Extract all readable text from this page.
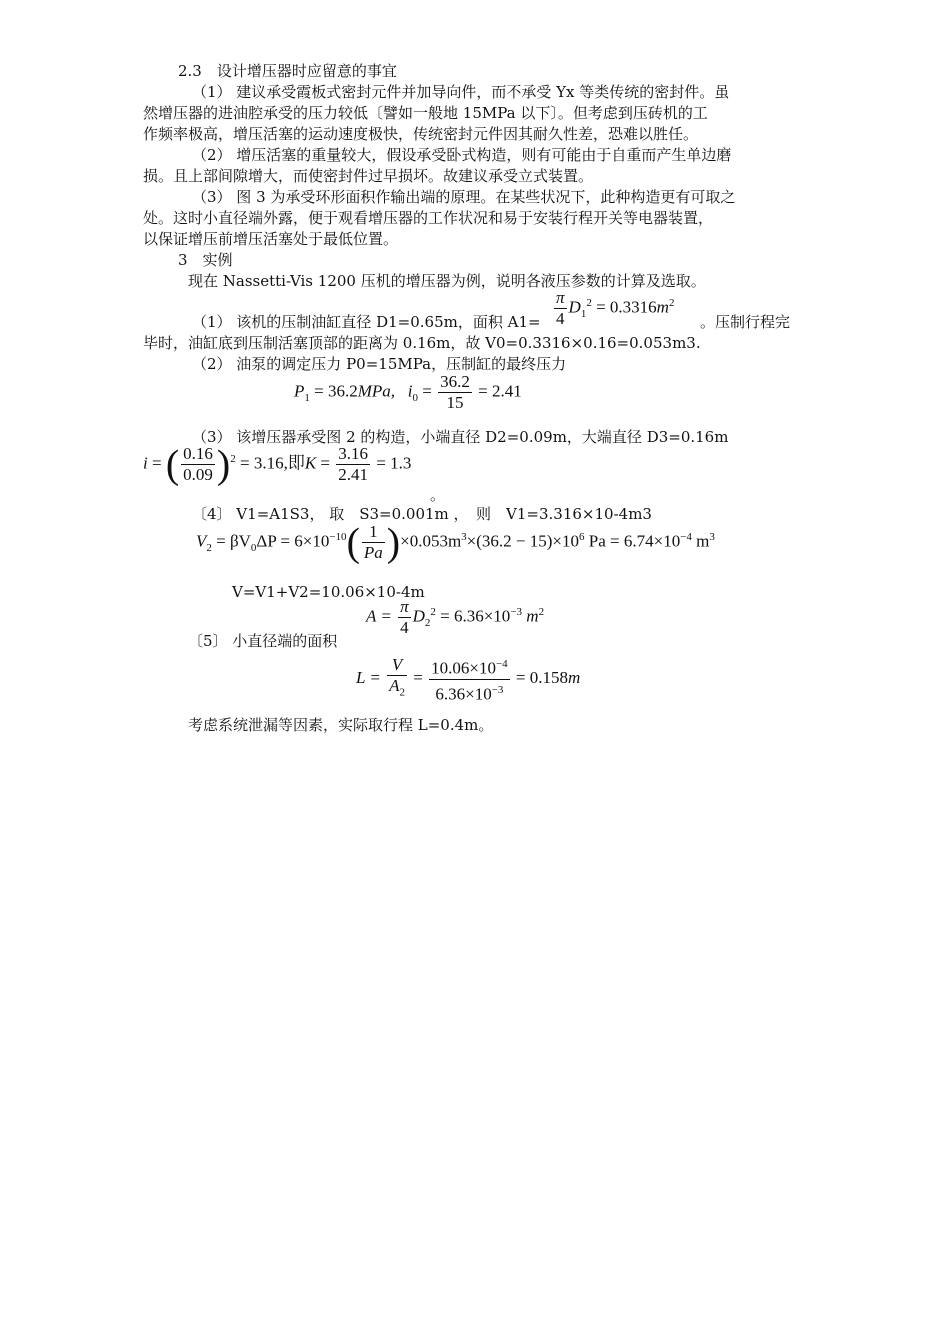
2.3　设计增压器时应留意的事宜
（1） 建议承受霞板式密封元件并加导向件，而不承受 Yx 等类传统的密封件。虽
然增压器的进油腔承受的压力较低〔譬如一般地 15MPa 以下〕。但考虑到压砖机的工
作频率极高，增压活塞的运动速度极快，传统密封元件因其耐久性差，恐难以胜任。
（2） 增压活塞的重量较大，假设承受卧式构造，则有可能由于自重而产生单边磨
损。且上部间隙增大，而使密封件过早损坏。故建议承受立式装置。
（3） 图 3 为承受环形面积作输出端的原理。在某些状况下，此种构造更有可取之
处。这时小直径端外露，便于观看增压器的工作状况和易于安装行程开关等电器装置，
以保证增压前增压活塞处于最低位置。
3　实例
现在 Nassetti-Vis 1200 压机的增压器为例，说明各液压参数的计算及选取。
（1） 该机的压制油缸直径 D1=0.65m，面积 $A1= \frac{\pi}{4} D_1^2 = 0.3316m^2$
。压制行程完
毕时，油缸底到压制活塞顶部的距离为 0.16m，故 V0=0.3316×0.16=0.053m3.
（2） 油泵的调定压力 P0=15MPa，压制缸的最终压力
$P_1 = 36.2MPa$, $i_0 = \frac{36.2}{15} = 2.41$
（3） 该增压器承受图 2 的构造，小端直径 D2=0.09m，大端直径 D3=0.16m
i = ( $\frac{0.16}{0.09} )^2 = 3.16$,即$K = \frac{3.16}{2.41} = 1.3$
。
〔4〕 V1=A1S3， 取　S3=0.001m ，　则　V1=3.316×10-4m3
$V_2 = \beta V_0\Delta P = 6\times 10^{-10}( \frac{1}{Pa} )\times 0.053m^3\times(36.2 - 15)\times 10^6$ $Pa = 6.74\times 10^{-4}$ $m^3$
V=V1+V2=10.06×10-4m
$A = \frac{\pi}{4} D_2^2 = 6.36\times 10^{-3}$ $m^2$
〔5〕 小直径端的面积
$L = \frac{V}{A_2} = \frac{10.06\times 10^{-4}}{6.36\times 10^{-3}} = 0.158m$
考虑系统泄漏等因素，实际取行程 L=0.4m。
